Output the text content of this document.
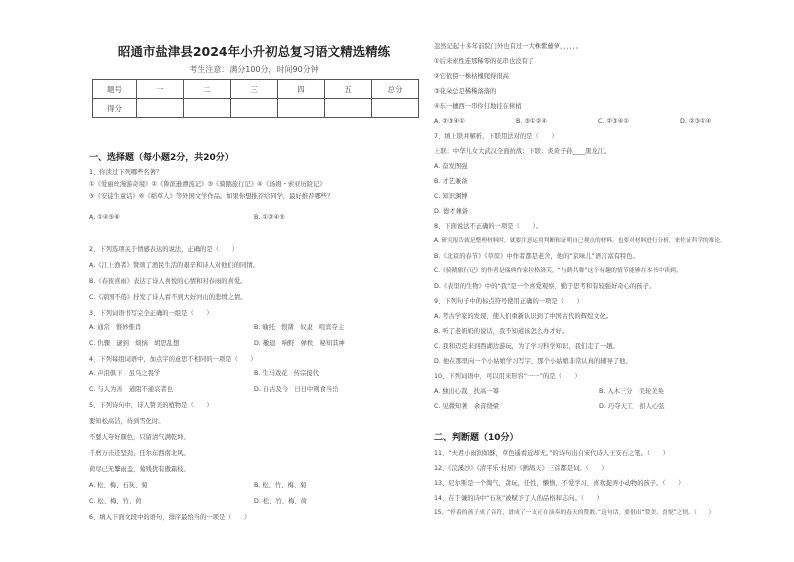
昭通市盐津县2024年小升初总复习语文精选精练
考生注意：满分100分，时间90分钟
题号	一	二	三	四	五	总分
得分						
一、选择题（每小题2分，共20分）
1、你读过下列哪些名著？
①《爱丽丝漫游奇境》②《鲁滨逊漂流记》③《骑鹅旅行记》④《汤姆・索亚历险记》
⑤《安徒生童话》⑥《稻草人》等外国文学作品。如果你想推荐给同学，最好推荐哪些？
A. ①④⑤⑥	B. ①②④⑤
2、下列选项关于情感表达的说法，正确的是（　　）
A.《江上渔者》赞颂了渔民生活的艰辛和诗人对他们的同情。
B.《春夜喜雨》表达了诗人喜悦的心情和对春雨的喜爱。
C.《凉国不倦》抒发了诗人看不到大好河山的悲愤之情。
3、下列词语书写完全正确的一组是（　　）
A. 通常　惟妙惟肖	B. 喻托　恨凿　奴隶　喧宾夺主
C. 仇骤　逮到　烦恼　胡思乱想	D. 撤退　响野　弹秩　秘知其神
4、下列每组词语中，加点字的意思不相同的一项是（　　）
A. 声泪俱下　虽乌之畏学	B. 生马戏花　传宗接代
C. 与人为善　道阻不通哀者也	D. 自古及今　日日中则食当岳
5、下列诗句中，诗人赞美的植物是（　　）
要知松高洁，待到雪化时。
不要人夸好颜色，只留清气满乾坤。
千磨万击还坚劲，任尔东西南北风。
荷尽已无擎雨盖，菊残犹有傲霜枝。
A. 松、梅、石灰、菊	B. 松、竹、梅、菊
C. 松、梅、竹、荷	D. 松、竹、梅、荷
6、填入下面文段中的语句，排序最恰当的一项是（　　）
忽然记起十多年前院门外也有过一大株紫藤萝，，，，，。
①后来索性连那稀零的花串也没有了
②它依傍一株枯槐爬得很高
③花朵总是稀稀落落的
④东一穗西一串伶仃地挂在树梢
A. ②③④①	B. ③①②④	C. ②③④①	D. ②③①④
7、填上联并解析，下联用法对的是（　　）
上联：中华儿女大武汉全面抗战；下联：炎黄子孙____黑龙江。
A. 奋发图强
B. 才艺兼备
C. 知识渊博
D. 德才兼备
8、下面说法不正确的一项是（　　）。
A. 研究报告就是整理材料时，就要注意运用判断和证明自己观点的材料，也要对材料进行分析，来佐证科学的推论。
B.《北京的春节》《草原》中作者都是老舍，他的“京味儿”语言富有特色。
C.《骑鹅旅行记》的作者是瑞典作家拉格洛芙，“与鹤共舞”这个有趣的情节能够在本书中读到。
D.《表里的生物》中的“我”是一个喜爱观察、勤于思考和有较强好奇心的孩子。
9、下列句子中的标点符号使用正确的一项是（　　）
A. 考古学家的发现，使人们重新认识到了中国古代的辉煌文化。
B. 听了老奶奶的说话，我不知道该怎么办才好。
C. 我和迈克来到西湖边游玩，为了学习科学知识，我们走了一趟。
D. 他在那里向一个小姑娘学习写字，那个小姑娘非常认真的辅导了他。
10、下列词语中，可以用来形容“一一”的是（　　）
A. 独出心裁　扶高一筹	B. 入木三分　美轮美奂
C. 见微知著　余音绕梁	D. 巧夺天工　扣人心弦
二、判断题（10分）
11、“夫君小雨润如酥，草色遥看近却无。”的诗句出自宋代诗人王安石之笔。（　　）
12、《浣溪沙》《清平乐·村居》《鹧鸪天》三首都是词。（　　）
13、尼尔斯是一个淘气，贪玩，任性，懒惰，不爱学习，喜欢捉弄小动物的孩子。（　　）
14、在于谦的诗中“石灰”被赋予了人的品格和志向。（　　）
15、“停着的孩子成了音符，谱成了一支正在演奏的春天的赞歌。”这句话，要借出“赞美、喜悦”之情。（　　）
